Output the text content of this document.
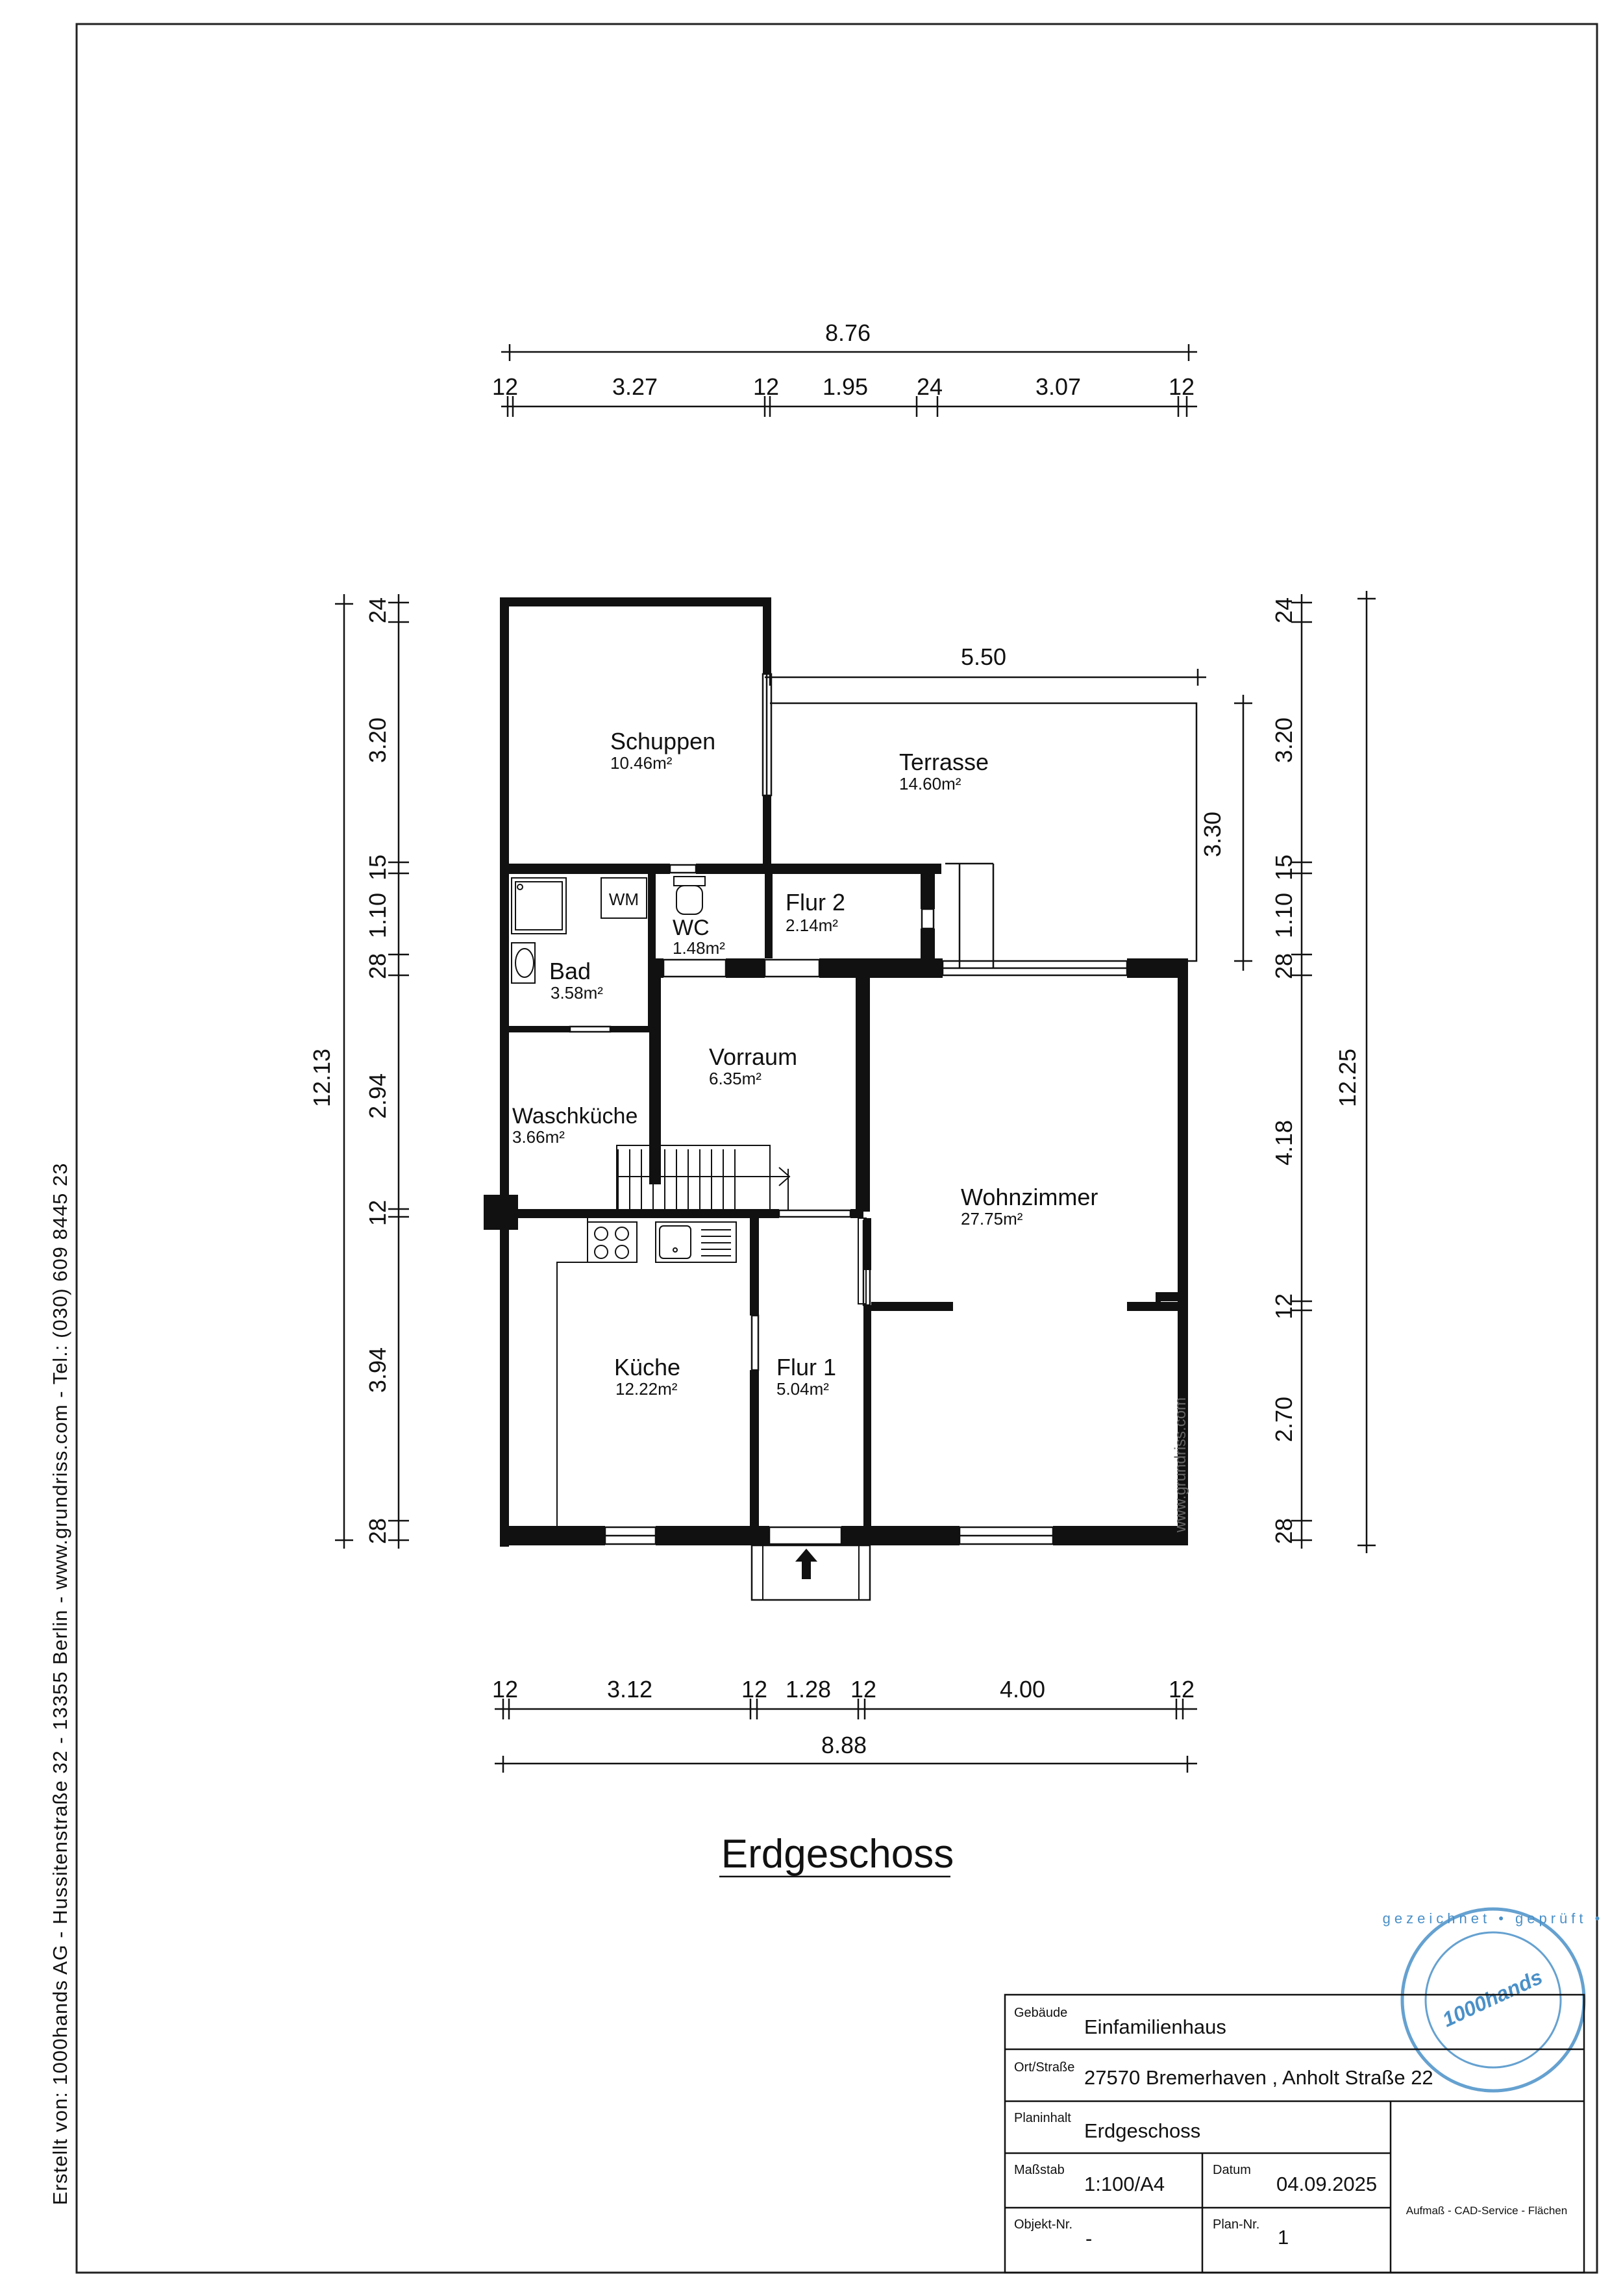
Erstellt von: 1000hands AG - Hussitenstraße 32 - 13355 Berlin - www.grundriss.com - Tel.: (030) 609 8445 23
8.76
12	3.27	12 1.95 24	3.07	12
12	3.12	12 1.28 12	4.00	12
8.88
12.13
24
3.20
15
1.10
28
2.94
12
3.94
28
12.25
24
3.20
15
1.10
28
4.18
12
2.70
28
3.30
5.50
WM
www.grundriss.com
Schuppen
10.46m²	Terrasse
14.60m²
Flur 2
2.14m²
WC
1.48m²
Bad
3.58m²
Vorraum
6.35m²
Waschküche
3.66m²
Wohnzimmer
27.75m²
Küche
12.22m²
Flur 1
5.04m²
Erdgeschoss
1000hands
gezeichnet • geprüft •
Gebäude
Einfamilienhaus
Ort/Straße 27570 Bremerhaven , Anholt Straße 22
Planinhalt
Erdgeschoss
Maßstab
1:100/A4
Datum
04.09.2025
Objekt-Nr.
-
Plan-Nr.
1
Aufmaß - CAD-Service - Flächen
